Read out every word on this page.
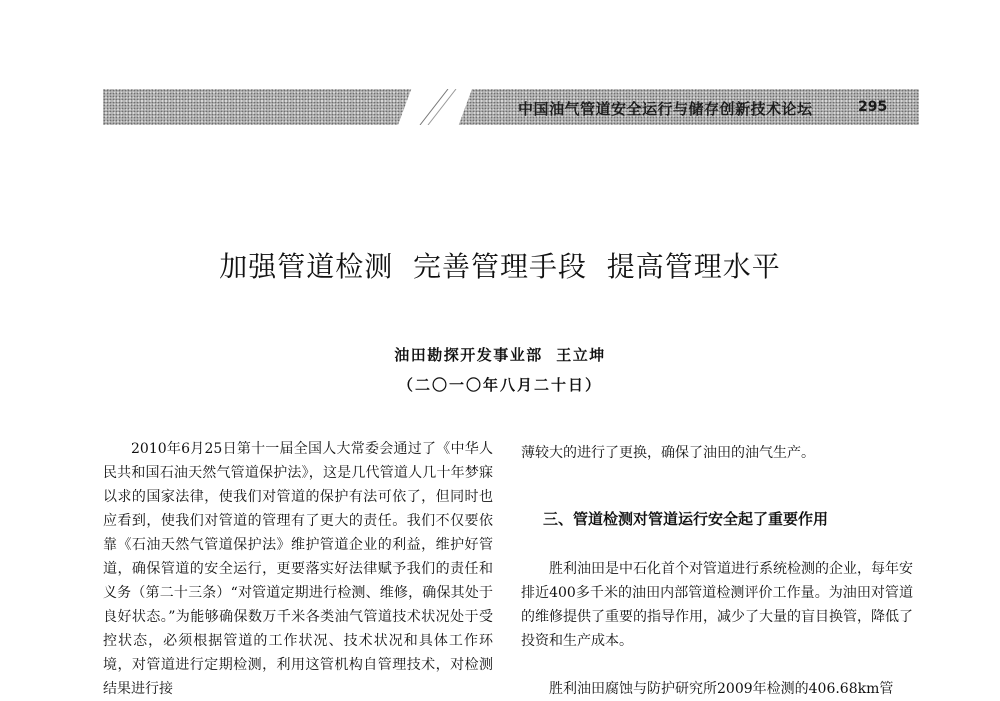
中国油气管道安全运行与储存创新技术论坛	295
加强管道检测  完善管理手段  提高管理水平
油田勘探开发事业部  王立坤
（二〇一〇年八月二十日）

2010年6月25日第十一届全国人大常委会通过了《中华人民共和国石油天然气管道保护法》，这是几代管道人几十年梦寐以求的国家法律，使我们对管道的保护有法可依了，但同时也应看到，使我们对管道的管理有了更大的责任。我们不仅要依靠《石油天然气管道保护法》维护管道企业的利益，维护好管道，确保管道的安全运行，更要落实好法律赋予我们的责任和义务（第二十三条）“对管道定期进行检测、维修，确保其处于良好状态。”为能够确保数万千米各类油气管道技术状况处于受控状态，必须根据管道的工作状况、技术状况和具体工作环境，对管道进行定期检测，利用这管机构自管理技术，对检测结果进行接

薄较大的进行了更换，确保了油田的油气生产。

三、管道检测对管道运行安全起了重要作用

胜利油田是中石化首个对管道进行系统检测的企业，每年安排近400多千米的油田内部管道检测评价工作量。为油田对管道的维修提供了重要的指导作用，减少了大量的盲目换管，降低了投资和生产成本。

胜利油田腐蚀与防护研究所2009年检测的406.68km管
